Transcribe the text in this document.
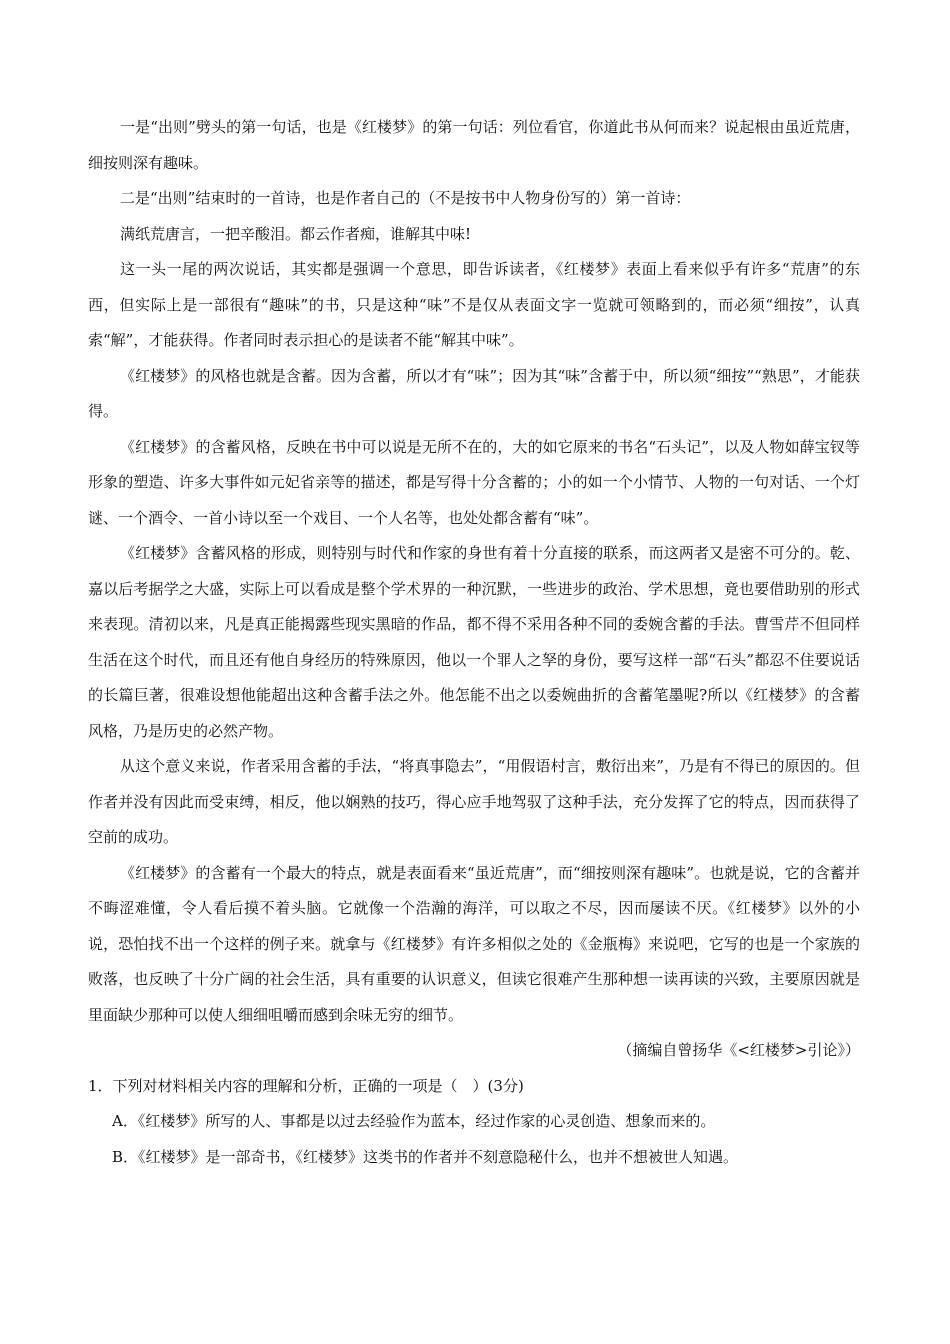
一是“出则”劈头的第一句话，也是《红楼梦》的第一句话：列位看官，你道此书从何而来？说起根由虽近荒唐，细按则深有趣味。

二是“出则”结束时的一首诗，也是作者自己的（不是按书中人物身份写的）第一首诗：

满纸荒唐言，一把辛酸泪。都云作者痴，谁解其中味!

这一头一尾的两次说话，其实都是强调一个意思，即告诉读者，《红楼梦》表面上看来似乎有许多“荒唐”的东西，但实际上是一部很有“趣味”的书，只是这种“味”不是仅从表面文字一览就可领略到的，而必须“细按”，认真索“解”，才能获得。作者同时表示担心的是读者不能“解其中味”。

《红楼梦》的风格也就是含蓄。因为含蓄，所以才有“味”；因为其“味”含蓄于中，所以须“细按”“熟思”，才能获得。

《红楼梦》的含蓄风格，反映在书中可以说是无所不在的，大的如它原来的书名“石头记”，以及人物如薛宝钗等形象的塑造、许多大事件如元妃省亲等的描述，都是写得十分含蓄的；小的如一个小情节、人物的一句对话、一个灯谜、一个酒令、一首小诗以至一个戏目、一个人名等，也处处都含蓄有“味”。

《红楼梦》含蓄风格的形成，则特别与时代和作家的身世有着十分直接的联系，而这两者又是密不可分的。乾、嘉以后考据学之大盛，实际上可以看成是整个学术界的一种沉默，一些进步的政治、学术思想，竟也要借助别的形式来表现。清初以来，凡是真正能揭露些现实黑暗的作品，都不得不采用各种不同的委婉含蓄的手法。曹雪芹不但同样生活在这个时代，而且还有他自身经历的特殊原因，他以一个罪人之孥的身份，要写这样一部“石头”都忍不住要说话的长篇巨著，很难设想他能超出这种含蓄手法之外。他怎能不出之以委婉曲折的含蓄笔墨呢?所以《红楼梦》的含蓄风格，乃是历史的必然产物。

从这个意义来说，作者采用含蓄的手法，“将真事隐去”，“用假语村言，敷衍出来”，乃是有不得已的原因的。但作者并没有因此而受束缚，相反，他以娴熟的技巧，得心应手地驾驭了这种手法，充分发挥了它的特点，因而获得了空前的成功。

《红楼梦》的含蓄有一个最大的特点，就是表面看来“虽近荒唐”，而“细按则深有趣味”。也就是说，它的含蓄并不晦涩难懂，令人看后摸不着头脑。它就像一个浩瀚的海洋，可以取之不尽，因而屡读不厌。《红楼梦》以外的小说，恐怕找不出一个这样的例子来。就拿与《红楼梦》有许多相似之处的《金瓶梅》来说吧，它写的也是一个家族的败落，也反映了十分广阔的社会生活，具有重要的认识意义，但读它很难产生那种想一读再读的兴致，主要原因就是里面缺少那种可以使人细细咀嚼而感到余味无穷的细节。

（摘编自曾扬华《<红楼梦>引论》）

1．下列对材料相关内容的理解和分析，正确的一项是（　）(3分)

A．《红楼梦》所写的人、事都是以过去经验作为蓝本，经过作家的心灵创造、想象而来的。

B．《红楼梦》是一部奇书，《红楼梦》这类书的作者并不刻意隐秘什么，也并不想被世人知遇。
